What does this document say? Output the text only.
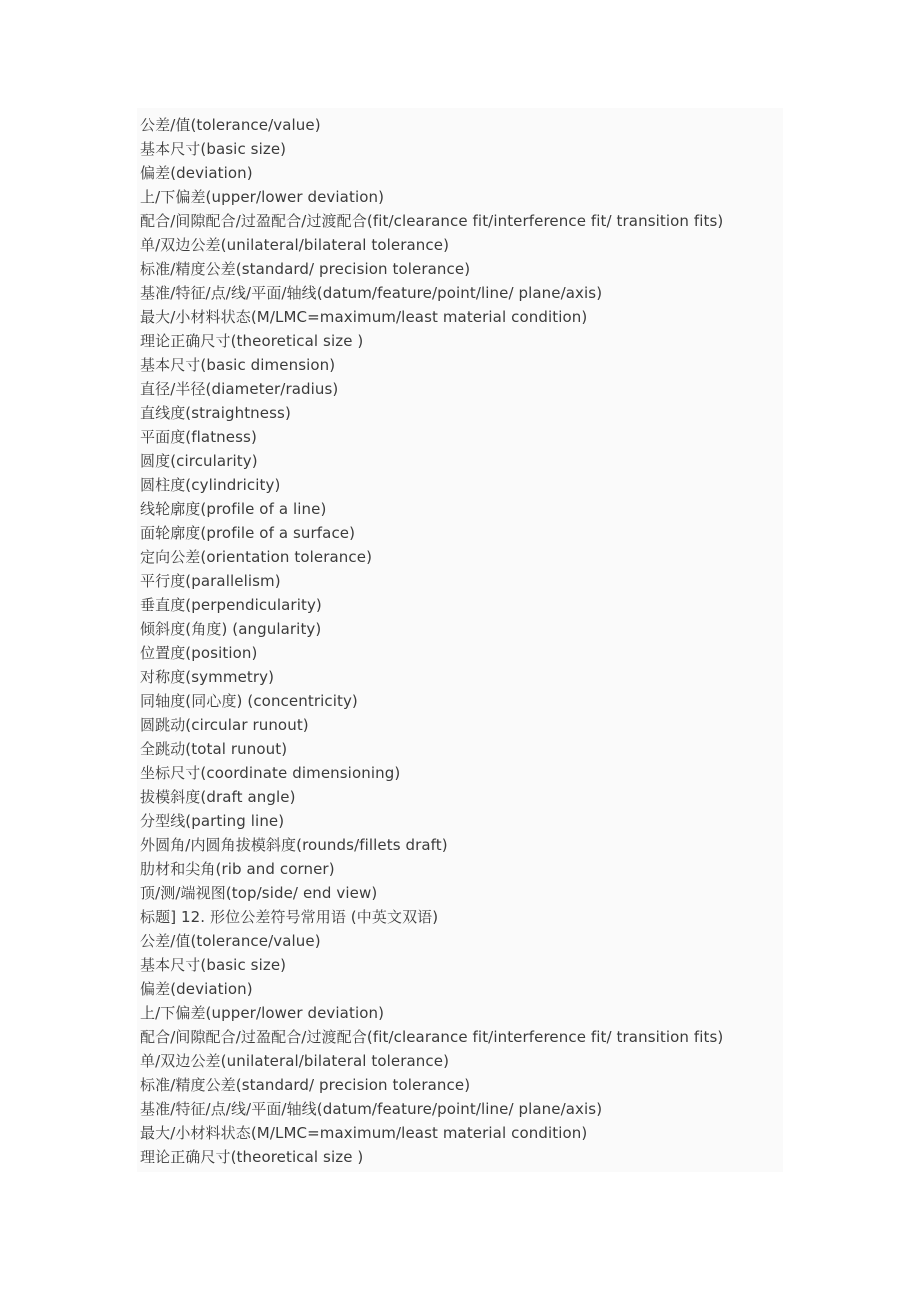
公差/值(tolerance/value)
基本尺寸(basic size)
偏差(deviation)
上/下偏差(upper/lower deviation)
配合/间隙配合/过盈配合/过渡配合(fit/clearance fit/interference fit/ transition fits)
单/双边公差(unilateral/bilateral tolerance)
标准/精度公差(standard/ precision tolerance)
基准/特征/点/线/平面/轴线(datum/feature/point/line/ plane/axis)
最大/小材料状态(M/LMC=maximum/least material condition)
理论正确尺寸(theoretical size )
基本尺寸(basic dimension)
直径/半径(diameter/radius)
直线度(straightness)
平面度(flatness)
圆度(circularity)
圆柱度(cylindricity)
线轮廓度(profile of a line)
面轮廓度(profile of a surface)
定向公差(orientation tolerance)
平行度(parallelism)
垂直度(perpendicularity)
倾斜度(角度) (angularity)
位置度(position)
对称度(symmetry)
同轴度(同心度) (concentricity)
圆跳动(circular runout)
全跳动(total runout)
坐标尺寸(coordinate dimensioning)
拔模斜度(draft angle)
分型线(parting line)
外圆角/内圆角拔模斜度(rounds/fillets draft)
肋材和尖角(rib and corner)
顶/测/端视图(top/side/ end view)
标题] 12. 形位公差符号常用语 (中英文双语)
公差/值(tolerance/value)
基本尺寸(basic size)
偏差(deviation)
上/下偏差(upper/lower deviation)
配合/间隙配合/过盈配合/过渡配合(fit/clearance fit/interference fit/ transition fits)
单/双边公差(unilateral/bilateral tolerance)
标准/精度公差(standard/ precision tolerance)
基准/特征/点/线/平面/轴线(datum/feature/point/line/ plane/axis)
最大/小材料状态(M/LMC=maximum/least material condition)
理论正确尺寸(theoretical size )
